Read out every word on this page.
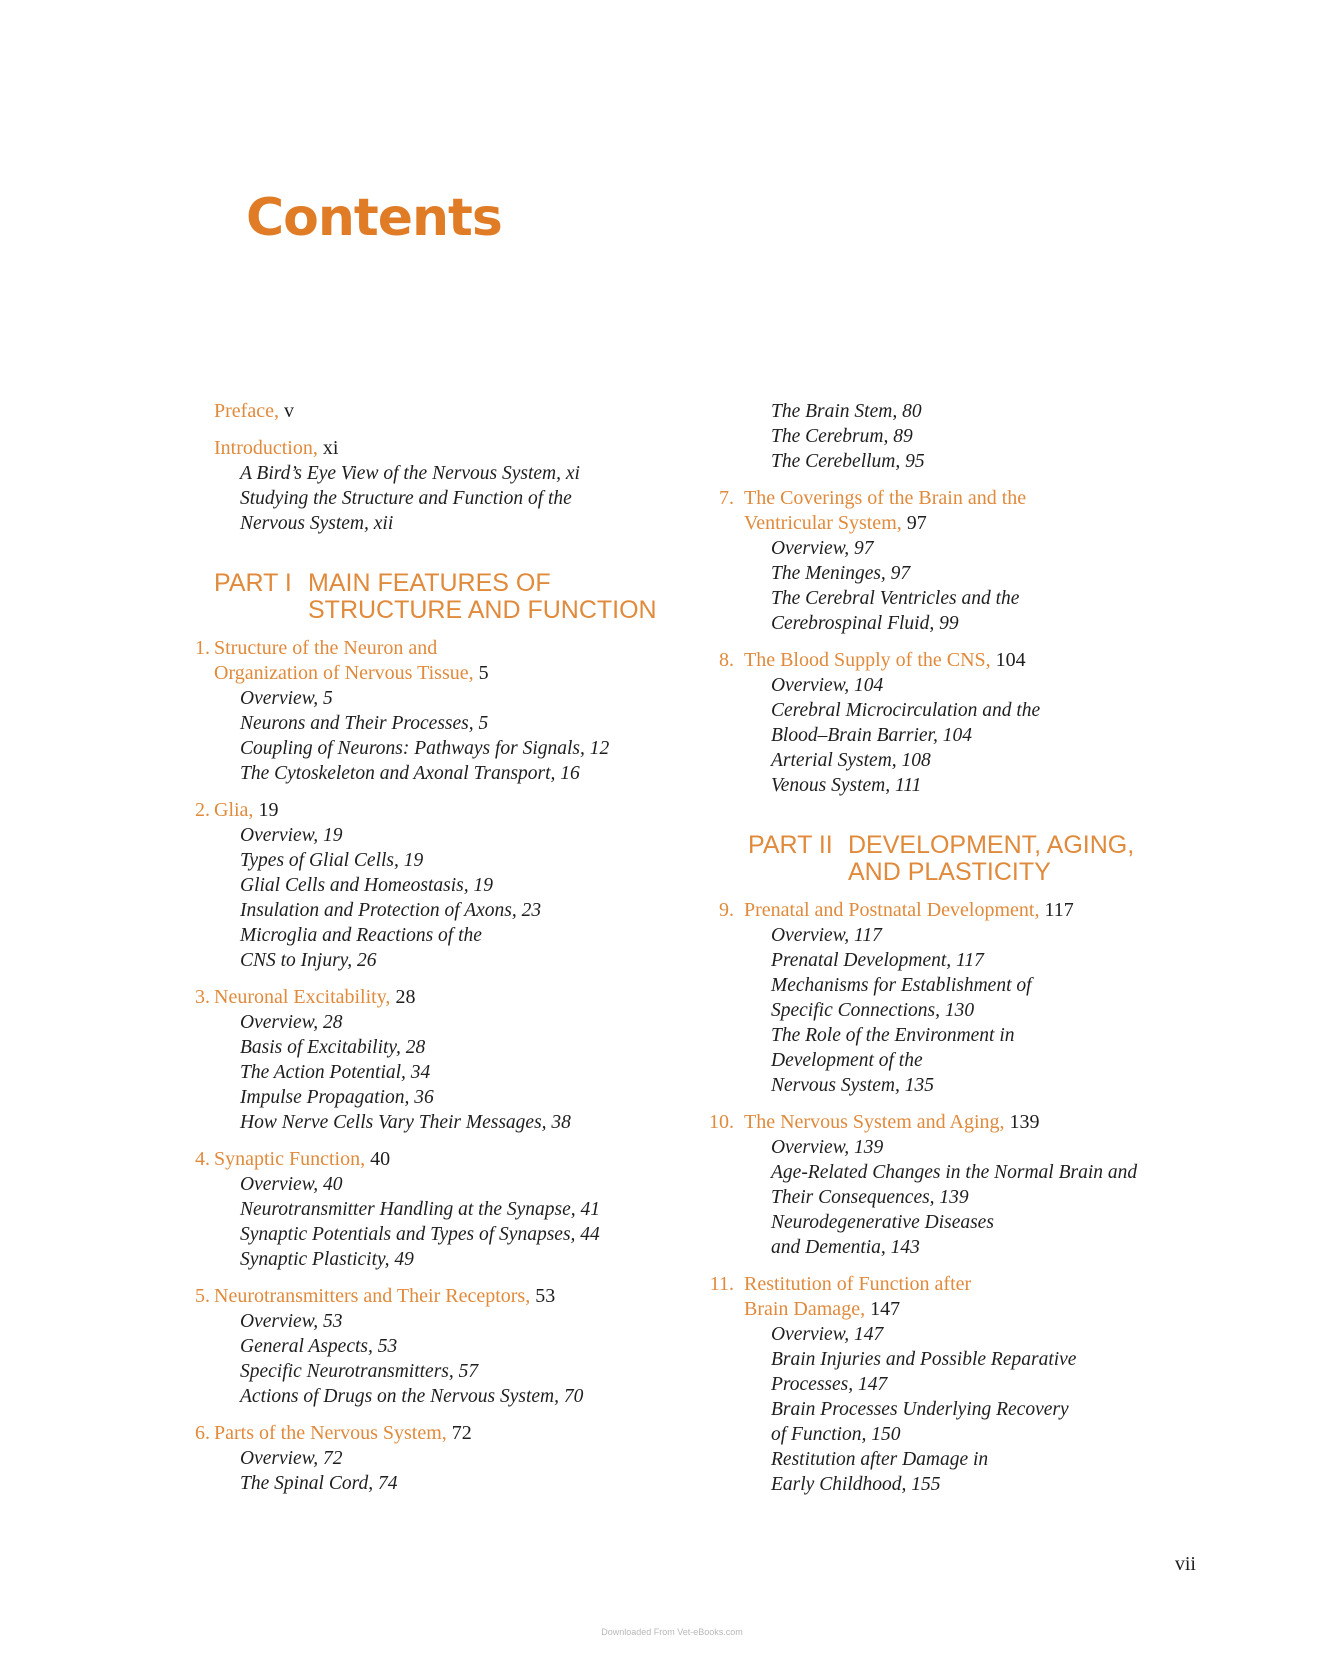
Contents
Preface, v
Introduction, xi
A Bird’s Eye View of the Nervous System, xi
Studying the Structure and Function of the
Nervous System, xii
PART I MAIN FEATURES OF
STRUCTURE AND FUNCTION
1. Structure of the Neuron and
Organization of Nervous Tissue, 5
Overview, 5
Neurons and Their Processes, 5
Coupling of Neurons: Pathways for Signals, 12
The Cytoskeleton and Axonal Transport, 16
2. Glia, 19
Overview, 19
Types of Glial Cells, 19
Glial Cells and Homeostasis, 19
Insulation and Protection of Axons, 23
Microglia and Reactions of the
CNS to Injury, 26
3. Neuronal Excitability, 28
Overview, 28
Basis of Excitability, 28
The Action Potential, 34
Impulse Propagation, 36
How Nerve Cells Vary Their Messages, 38
4. Synaptic Function, 40
Overview, 40
Neurotransmitter Handling at the Synapse, 41
Synaptic Potentials and Types of Synapses, 44
Synaptic Plasticity, 49
5. Neurotransmitters and Their Receptors, 53
Overview, 53
General Aspects, 53
Specific Neurotransmitters, 57
Actions of Drugs on the Nervous System, 70
6. Parts of the Nervous System, 72
Overview, 72
The Spinal Cord, 74
The Brain Stem, 80
The Cerebrum, 89
The Cerebellum, 95
7. The Coverings of the Brain and the
Ventricular System, 97
Overview, 97
The Meninges, 97
The Cerebral Ventricles and the
Cerebrospinal Fluid, 99
8. The Blood Supply of the CNS, 104
Overview, 104
Cerebral Microcirculation and the
Blood–Brain Barrier, 104
Arterial System, 108
Venous System, 111
PART II DEVELOPMENT, AGING,
AND PLASTICITY
9. Prenatal and Postnatal Development, 117
Overview, 117
Prenatal Development, 117
Mechanisms for Establishment of
Specific Connections, 130
The Role of the Environment in
Development of the
Nervous System, 135
10. The Nervous System and Aging, 139
Overview, 139
Age-Related Changes in the Normal Brain and
Their Consequences, 139
Neurodegenerative Diseases
and Dementia, 143
11. Restitution of Function after
Brain Damage, 147
Overview, 147
Brain Injuries and Possible Reparative
Processes, 147
Brain Processes Underlying Recovery
of Function, 150
Restitution after Damage in
Early Childhood, 155
vii
Downloaded From Vet-eBooks.com
